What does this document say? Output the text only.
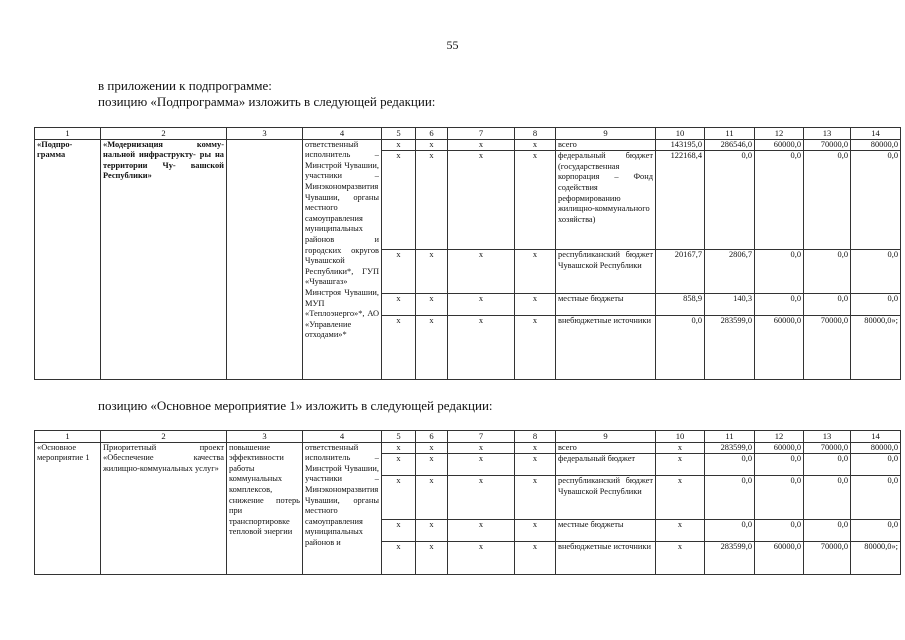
55
в приложении к подпрограмме:
позицию «Подпрограмма» изложить в следующей редакции:
1	2	3	4	5	6	7	8	9	10	11	12	13	14
«Подпро-
грамма	«Модернизация комму- нальной инфраструкту- ры на территории Чу- вашской Республики»		ответственный исполнитель – Минстрой Чувашии, участники – Минэкономразвития Чувашии, органы местного самоуправления муниципальных районов и городских округов Чувашской Республики*, ГУП «Чувашгаз» Минстроя Чувашии, МУП «Теплоэнерго»*, АО «Управление отходами»*	x	x	x	x	всего	143195,0	286546,0	60000,0	70000,0	80000,0
				x	x	x	x	федеральный бюджет (государственная корпорация – Фонд содействия реформированию жилищно-коммунального хозяйства)	122168,4	0,0	0,0	0,0	0,0
				x	x	x	x	республиканский бюджет Чувашской Республики	20167,7	2806,7	0,0	0,0	0,0
				x	x	x	x	местные бюджеты	858,9	140,3	0,0	0,0	0,0
				x	x	x	x	внебюджетные источники	0,0	283599,0	60000,0	70000,0	80000,0»;
позицию «Основное мероприятие 1» изложить в следующей редакции:
1	2	3	4	5	6	7	8	9	10	11	12	13	14
«Основное мероприятие 1	Приоритетный проект «Обеспечение качества жилищно-коммунальных услуг»	повышение эффективности работы коммунальных комплексов, снижение потерь при транспортировке тепловой энергии	ответственный исполнитель – Минстрой Чувашии, участники – Минэкономразвития Чувашии, органы местного самоуправления муниципальных районов и	x	x	x	x	всего	x	283599,0	60000,0	70000,0	80000,0
				x	x	x	x	федеральный бюджет	x	0,0	0,0	0,0	0,0
				x	x	x	x	республиканский бюджет Чувашской Республики	x	0,0	0,0	0,0	0,0
				x	x	x	x	местные бюджеты	x	0,0	0,0	0,0	0,0
				x	x	x	x	внебюджетные источники	x	283599,0	60000,0	70000,0	80000,0»;
